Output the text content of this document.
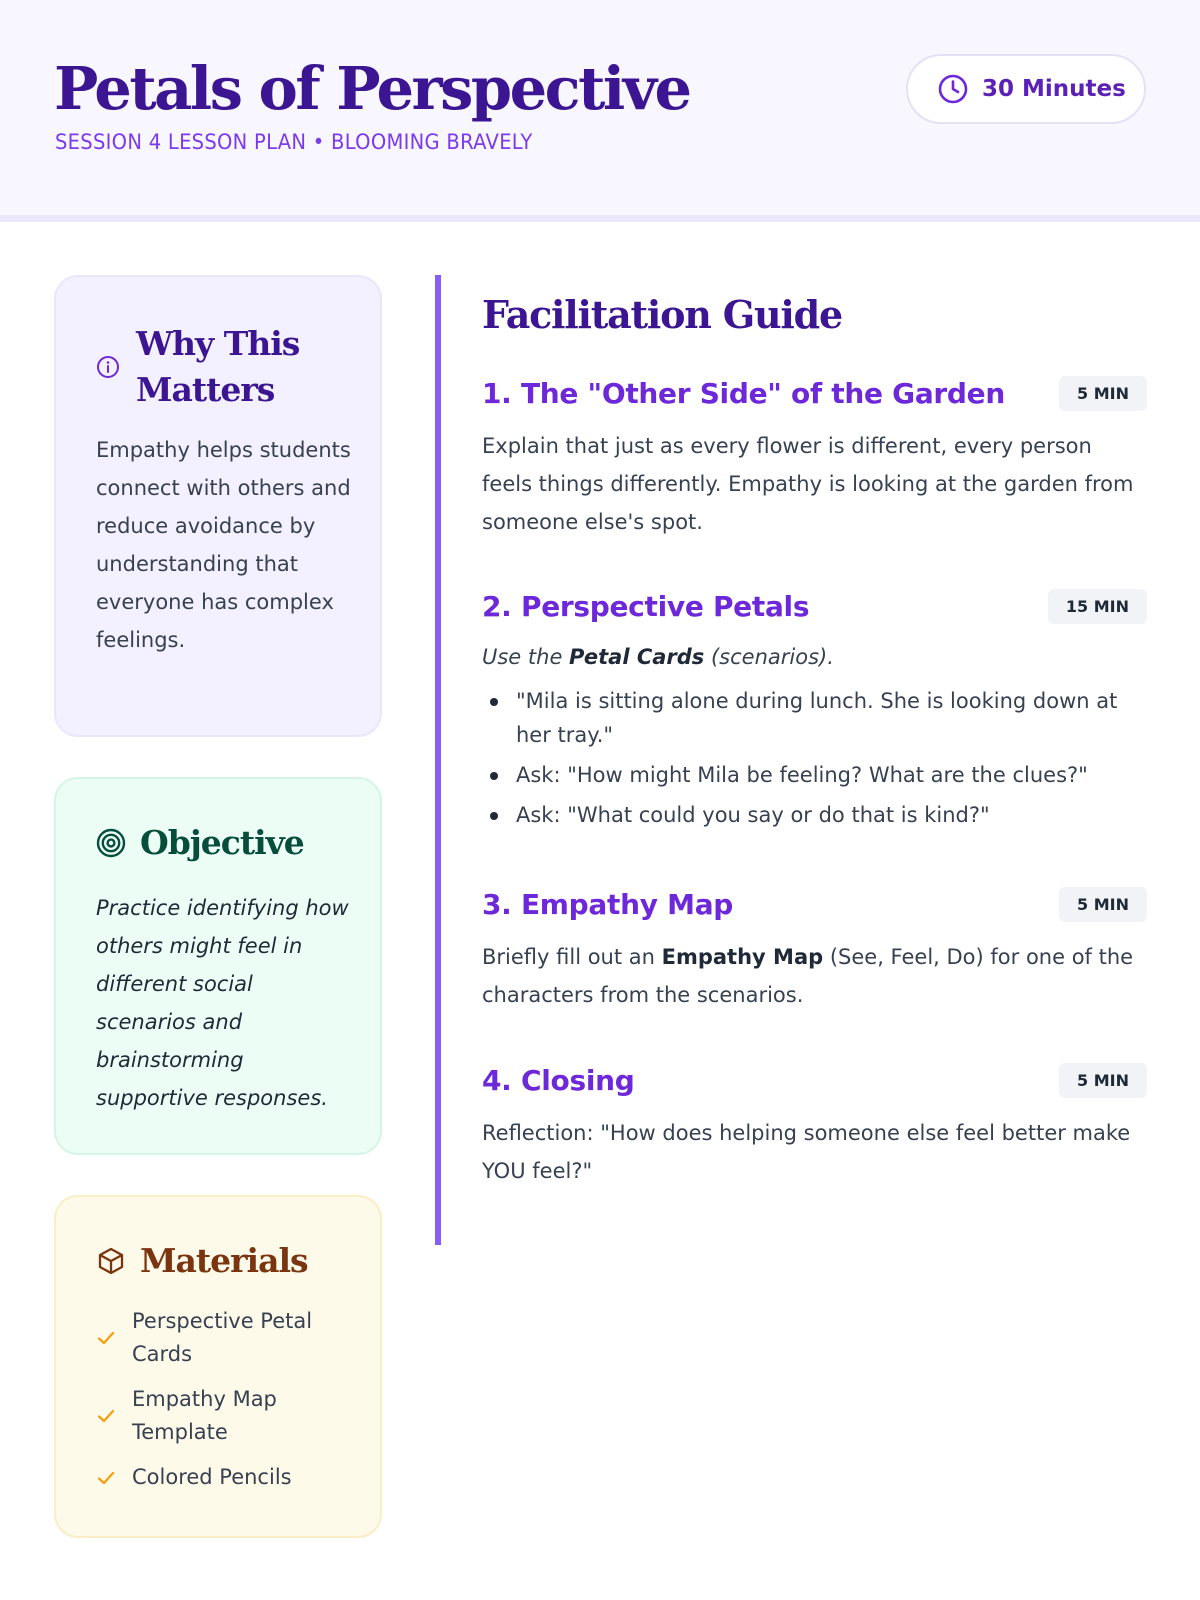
Petals of Perspective
SESSION 4 LESSON PLAN • BLOOMING BRAVELY
30 Minutes
Why This
Matters

Empathy helps students connect with others and reduce avoidance by understanding that everyone has complex feelings.

Objective

Practice identifying how others might feel in different social scenarios and brainstorming supportive responses.

Materials
Perspective Petal Cards
Empathy Map Template
Colored Pencils
Facilitation Guide
1. The "Other Side" of the Garden	5 MIN

Explain that just as every flower is different, every person feels things differently. Empathy is looking at the garden from someone else's spot.

2. Perspective Petals	15 MIN

Use the Petal Cards (scenarios).

"Mila is sitting alone during lunch. She is looking down at her tray."
Ask: "How might Mila be feeling? What are the clues?"
Ask: "What could you say or do that is kind?"
3. Empathy Map	5 MIN

Briefly fill out an Empathy Map (See, Feel, Do) for one of the characters from the scenarios.

4. Closing	5 MIN

Reflection: "How does helping someone else feel better make YOU feel?"
